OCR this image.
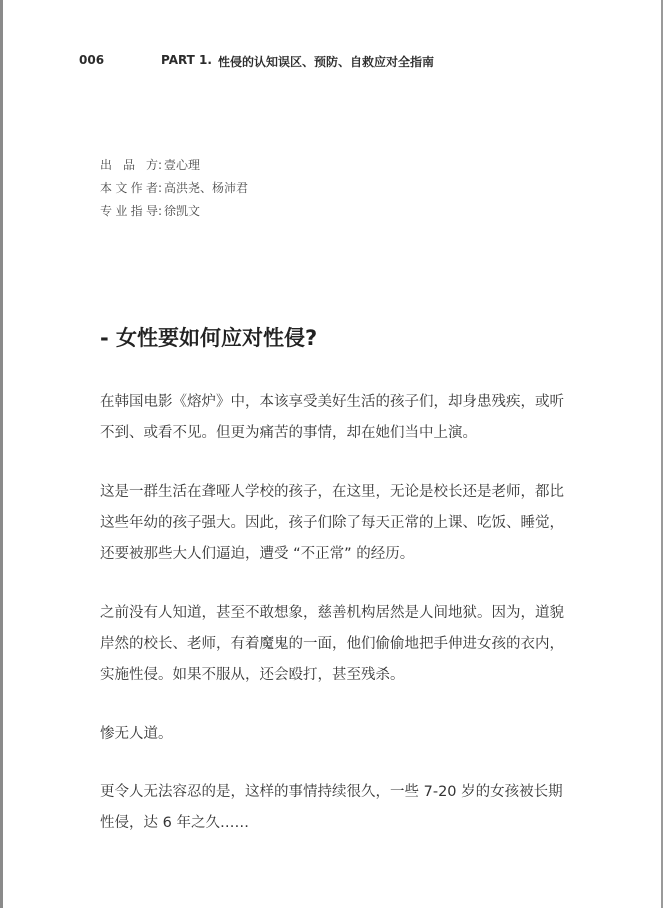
006	PART 1. 性侵的认知误区、预防、自救应对全指南
出 品 方: 壹心理
本文作者: 高洪尧、杨沛君
专业指导: 徐凯文
- 女性要如何应对性侵?

在韩国电影《熔炉》中，本该享受美好生活的孩子们，却身患残疾，或听不到、或看不见。但更为痛苦的事情，却在她们当中上演。

这是一群生活在聋哑人学校的孩子，在这里，无论是校长还是老师，都比这些年幼的孩子强大。因此，孩子们除了每天正常的上课、吃饭、睡觉，还要被那些大人们逼迫，遭受 “不正常” 的经历。

之前没有人知道，甚至不敢想象，慈善机构居然是人间地狱。因为，道貌岸然的校长、老师，有着魔鬼的一面，他们偷偷地把手伸进女孩的衣内，实施性侵。如果不服从，还会殴打，甚至残杀。

惨无人道。

更令人无法容忍的是，这样的事情持续很久，一些 7-20 岁的女孩被长期性侵，达 6 年之久……
